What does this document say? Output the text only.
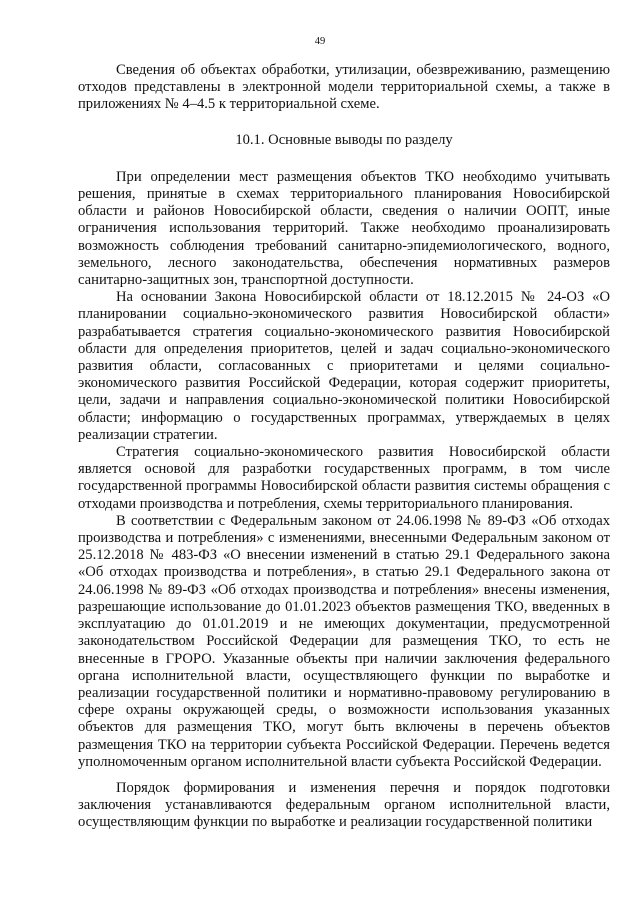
49

Сведения об объектах обработки, утилизации, обезвреживанию, размещению отходов представлены в электронной модели территориальной схемы, а также в приложениях № 4–4.5 к территориальной схеме.

10.1. Основные выводы по разделу

При определении мест размещения объектов ТКО необходимо учитывать решения, принятые в схемах территориального планирования Новосибирской области и районов Новосибирской области, сведения о наличии ООПТ, иные ограничения использования территорий. Также необходимо проанализировать возможность соблюдения требований санитарно-эпидемиологического, водного, земельного, лесного законодательства, обеспечения нормативных размеров санитарно-защитных зон, транспортной доступности.

На основании Закона Новосибирской области от 18.12.2015 № 24-ОЗ «О планировании социально-экономического развития Новосибирской области» разрабатывается стратегия социально-экономического развития Новосибирской области для определения приоритетов, целей и задач социально-экономического развития области, согласованных с приоритетами и целями социально-экономического развития Российской Федерации, которая содержит приоритеты, цели, задачи и направления социально-экономической политики Новосибирской области; информацию о государственных программах, утверждаемых в целях реализации стратегии.

Стратегия социально-экономического развития Новосибирской области является основой для разработки государственных программ, в том числе государственной программы Новосибирской области развития системы обращения с отходами производства и потребления, схемы территориального планирования.

В соответствии с Федеральным законом от 24.06.1998 № 89-ФЗ «Об отходах производства и потребления» с изменениями, внесенными Федеральным законом от 25.12.2018 № 483-ФЗ «О внесении изменений в статью 29.1 Федерального закона «Об отходах производства и потребления», в статью 29.1 Федерального закона от 24.06.1998 № 89-ФЗ «Об отходах производства и потребления» внесены изменения, разрешающие использование до 01.01.2023 объектов размещения ТКО, введенных в эксплуатацию до 01.01.2019 и не имеющих документации, предусмотренной законодательством Российской Федерации для размещения ТКО, то есть не внесенные в ГРОРО. Указанные объекты при наличии заключения федерального органа исполнительной власти, осуществляющего функции по выработке и реализации государственной политики и нормативно-правовому регулированию в сфере охраны окружающей среды, о возможности использования указанных объектов для размещения ТКО, могут быть включены в перечень объектов размещения ТКО на территории субъекта Российской Федерации. Перечень ведется уполномоченным органом исполнительной власти субъекта Российской Федерации.

Порядок формирования и изменения перечня и порядок подготовки заключения устанавливаются федеральным органом исполнительной власти, осуществляющим функции по выработке и реализации государственной политики
